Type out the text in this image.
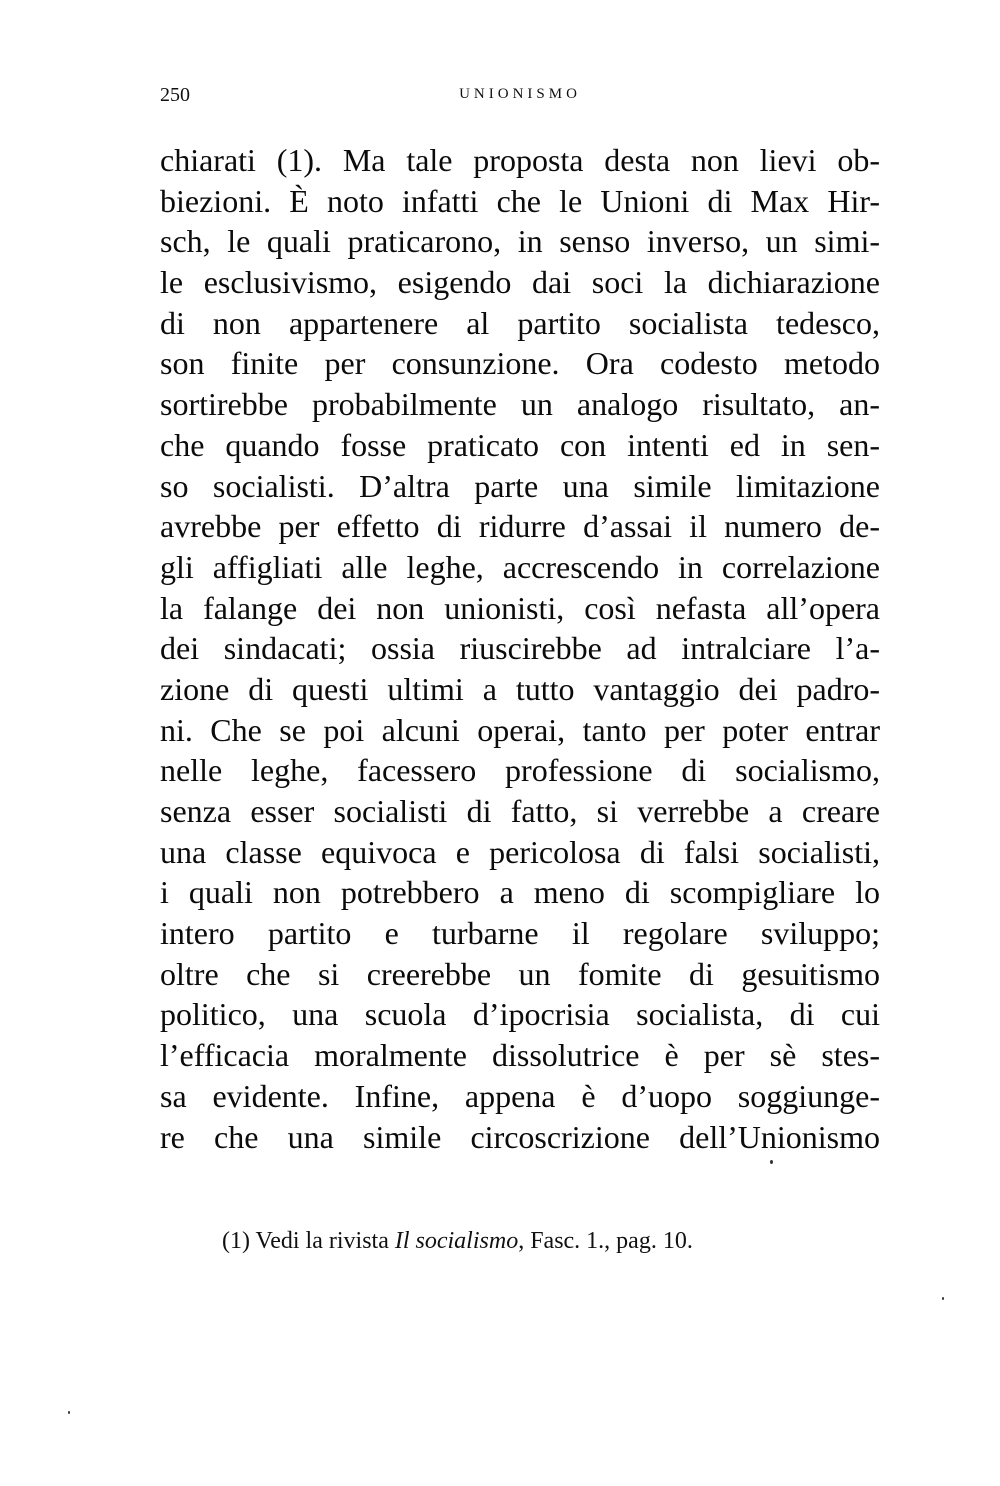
250	UNIONISMO
chiarati (1). Ma tale proposta desta non lievi ob-
biezioni. È noto infatti che le Unioni di Max Hir-
sch, le quali praticarono, in senso inverso, un simi-
le esclusivismo, esigendo dai soci la dichiarazione
di non appartenere al partito socialista tedesco,
son finite per consunzione. Ora codesto metodo
sortirebbe probabilmente un analogo risultato, an-
che quando fosse praticato con intenti ed in sen-
so socialisti. D’altra parte una simile limitazione
avrebbe per effetto di ridurre d’assai il numero de-
gli affigliati alle leghe, accrescendo in correlazione
la falange dei non unionisti, così nefasta all’opera
dei sindacati; ossia riuscirebbe ad intralciare l’a-
zione di questi ultimi a tutto vantaggio dei padro-
ni. Che se poi alcuni operai, tanto per poter entrar
nelle leghe, facessero professione di socialismo,
senza esser socialisti di fatto, si verrebbe a creare
una classe equivoca e pericolosa di falsi socialisti,
i quali non potrebbero a meno di scompigliare lo
intero partito e turbarne il regolare sviluppo;
oltre che si creerebbe un fomite di gesuitismo
politico, una scuola d’ipocrisia socialista, di cui
l’efficacia moralmente dissolutrice è per sè stes-
sa evidente. Infine, appena è d’uopo soggiunge-
re che una simile circoscrizione dell’Unionismo
(1) Vedi la rivista Il socialismo, Fasc. 1., pag. 10.
